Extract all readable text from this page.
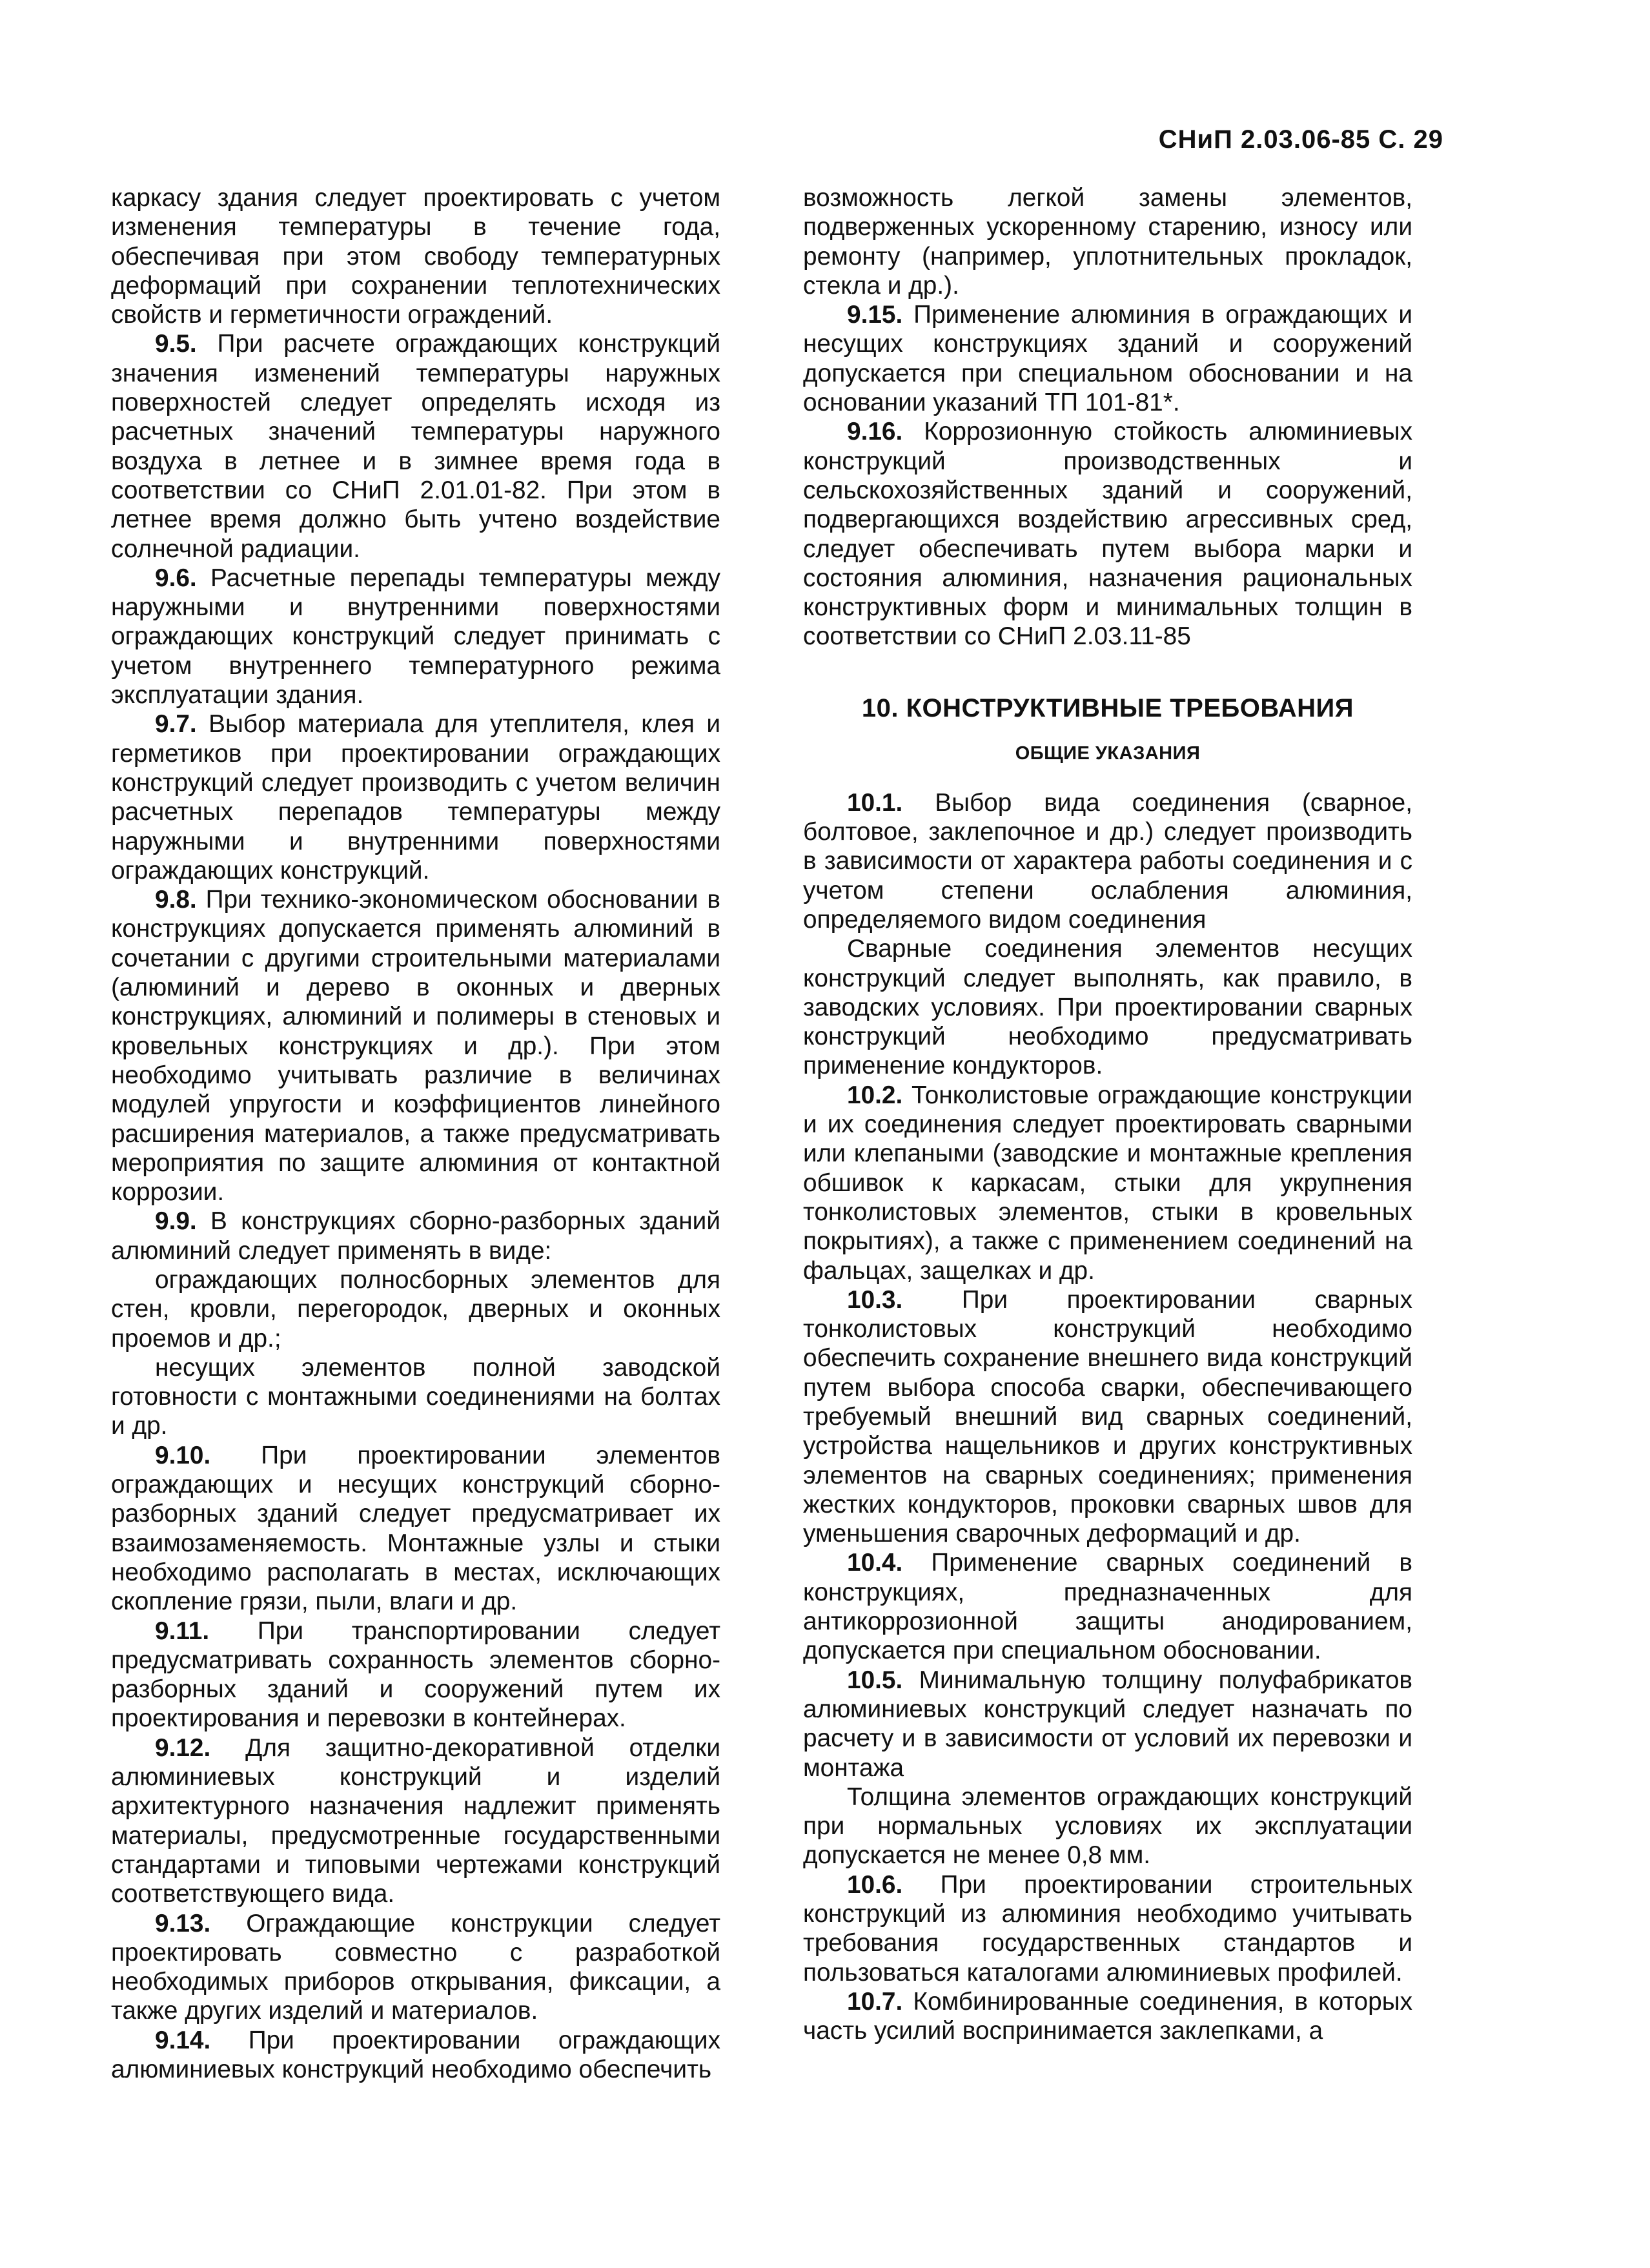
СНиП 2.03.06-85 С. 29

каркасу здания следует проектировать с учетом изменения температуры в течение года, обеспечивая при этом свободу температурных деформаций при сохранении теплотехнических свойств и герметичности ограждений.

9.5. При расчете ограждающих конструкций значения изменений температуры наружных поверхностей следует определять исходя из расчетных значений температуры наружного воздуха в летнее и в зимнее время года в соответствии со СНиП 2.01.01-82. При этом в летнее время должно быть учтено воздействие солнечной радиации.

9.6. Расчетные перепады температуры между наружными и внутренними поверхностями ограждающих конструкций следует принимать с учетом внутреннего температурного режима эксплуатации здания.

9.7. Выбор материала для утеплителя, клея и герметиков при проектировании ограждающих конструкций следует производить с учетом величин расчетных перепадов температуры между наружными и внутренними поверхностями ограждающих конструкций.

9.8. При технико-экономическом обосновании в конструкциях допускается применять алюминий в сочетании с другими строительными материалами (алюминий и дерево в оконных и дверных конструкциях, алюминий и полимеры в стеновых и кровельных конструкциях и др.). При этом необходимо учитывать различие в величинах модулей упругости и коэффициентов линейного расширения материалов, а также предусматривать мероприятия по защите алюминия от контактной коррозии.

9.9. В конструкциях сборно-разборных зданий алюминий следует применять в виде:

ограждающих полносборных элементов для стен, кровли, перегородок, дверных и оконных проемов и др.;

несущих элементов полной заводской готовности с монтажными соединениями на болтах и др.

9.10. При проектировании элементов ограждающих и несущих конструкций сборно-разборных зданий следует предусматривает их взаимозаменяемость. Монтажные узлы и стыки необходимо располагать в местах, исключающих скопление грязи, пыли, влаги и др.

9.11. При транспортировании следует предусматривать сохранность элементов сборно-разборных зданий и сооружений путем их проектирования и перевозки в контейнерах.

9.12. Для защитно-декоративной отделки алюминиевых конструкций и изделий архитектурного назначения надлежит применять материалы, предусмотренные государственными стандартами и типовыми чертежами конструкций соответствующего вида.

9.13. Ограждающие конструкции следует проектировать совместно с разработкой необходимых приборов открывания, фиксации, а также других изделий и материалов.

9.14. При проектировании ограждающих алюминиевых конструкций необходимо обеспечить

возможность легкой замены элементов, подверженных ускоренному старению, износу или ремонту (например, уплотнительных прокладок, стекла и др.).

9.15. Применение алюминия в ограждающих и несущих конструкциях зданий и сооружений допускается при специальном обосновании и на основании указаний ТП 101-81*.

9.16. Коррозионную стойкость алюминиевых конструкций производственных и сельскохозяйственных зданий и сооружений, подвергающихся воздействию агрессивных сред, следует обеспечивать путем выбора марки и состояния алюминия, назначения рациональных конструктивных форм и минимальных толщин в соответствии со СНиП 2.03.11-85

10. КОНСТРУКТИВНЫЕ ТРЕБОВАНИЯ
ОБЩИЕ УКАЗАНИЯ

10.1. Выбор вида соединения (сварное, болтовое, заклепочное и др.) следует производить в зависимости от характера работы соединения и с учетом степени ослабления алюминия, определяемого видом соединения

Сварные соединения элементов несущих конструкций следует выполнять, как правило, в заводских условиях. При проектировании сварных конструкций необходимо предусматривать применение кондукторов.

10.2. Тонколистовые ограждающие конструкции и их соединения следует проектировать сварными или клепаными (заводские и монтажные крепления обшивок к каркасам, стыки для укрупнения тонколистовых элементов, стыки в кровельных покрытиях), а также с применением соединений на фальцах, защелках и др.

10.3. При проектировании сварных тонколистовых конструкций необходимо обеспечить сохранение внешнего вида конструкций путем выбора способа сварки, обеспечивающего требуемый внешний вид сварных соединений, устройства нащельников и других конструктивных элементов на сварных соединениях; применения жестких кондукторов, проковки сварных швов для уменьшения сварочных деформаций и др.

10.4. Применение сварных соединений в конструкциях, предназначенных для антикоррозионной защиты анодированием, допускается при специальном обосновании.

10.5. Минимальную толщину полуфабрикатов алюминиевых конструкций следует назначать по расчету и в зависимости от условий их перевозки и монтажа

Толщина элементов ограждающих конструкций при нормальных условиях их эксплуатации допускается не менее 0,8 мм.

10.6. При проектировании строительных конструкций из алюминия необходимо учитывать требования государственных стандартов и пользоваться каталогами алюминиевых профилей.

10.7. Комбинированные соединения, в которых часть усилий воспринимается заклепками, а
